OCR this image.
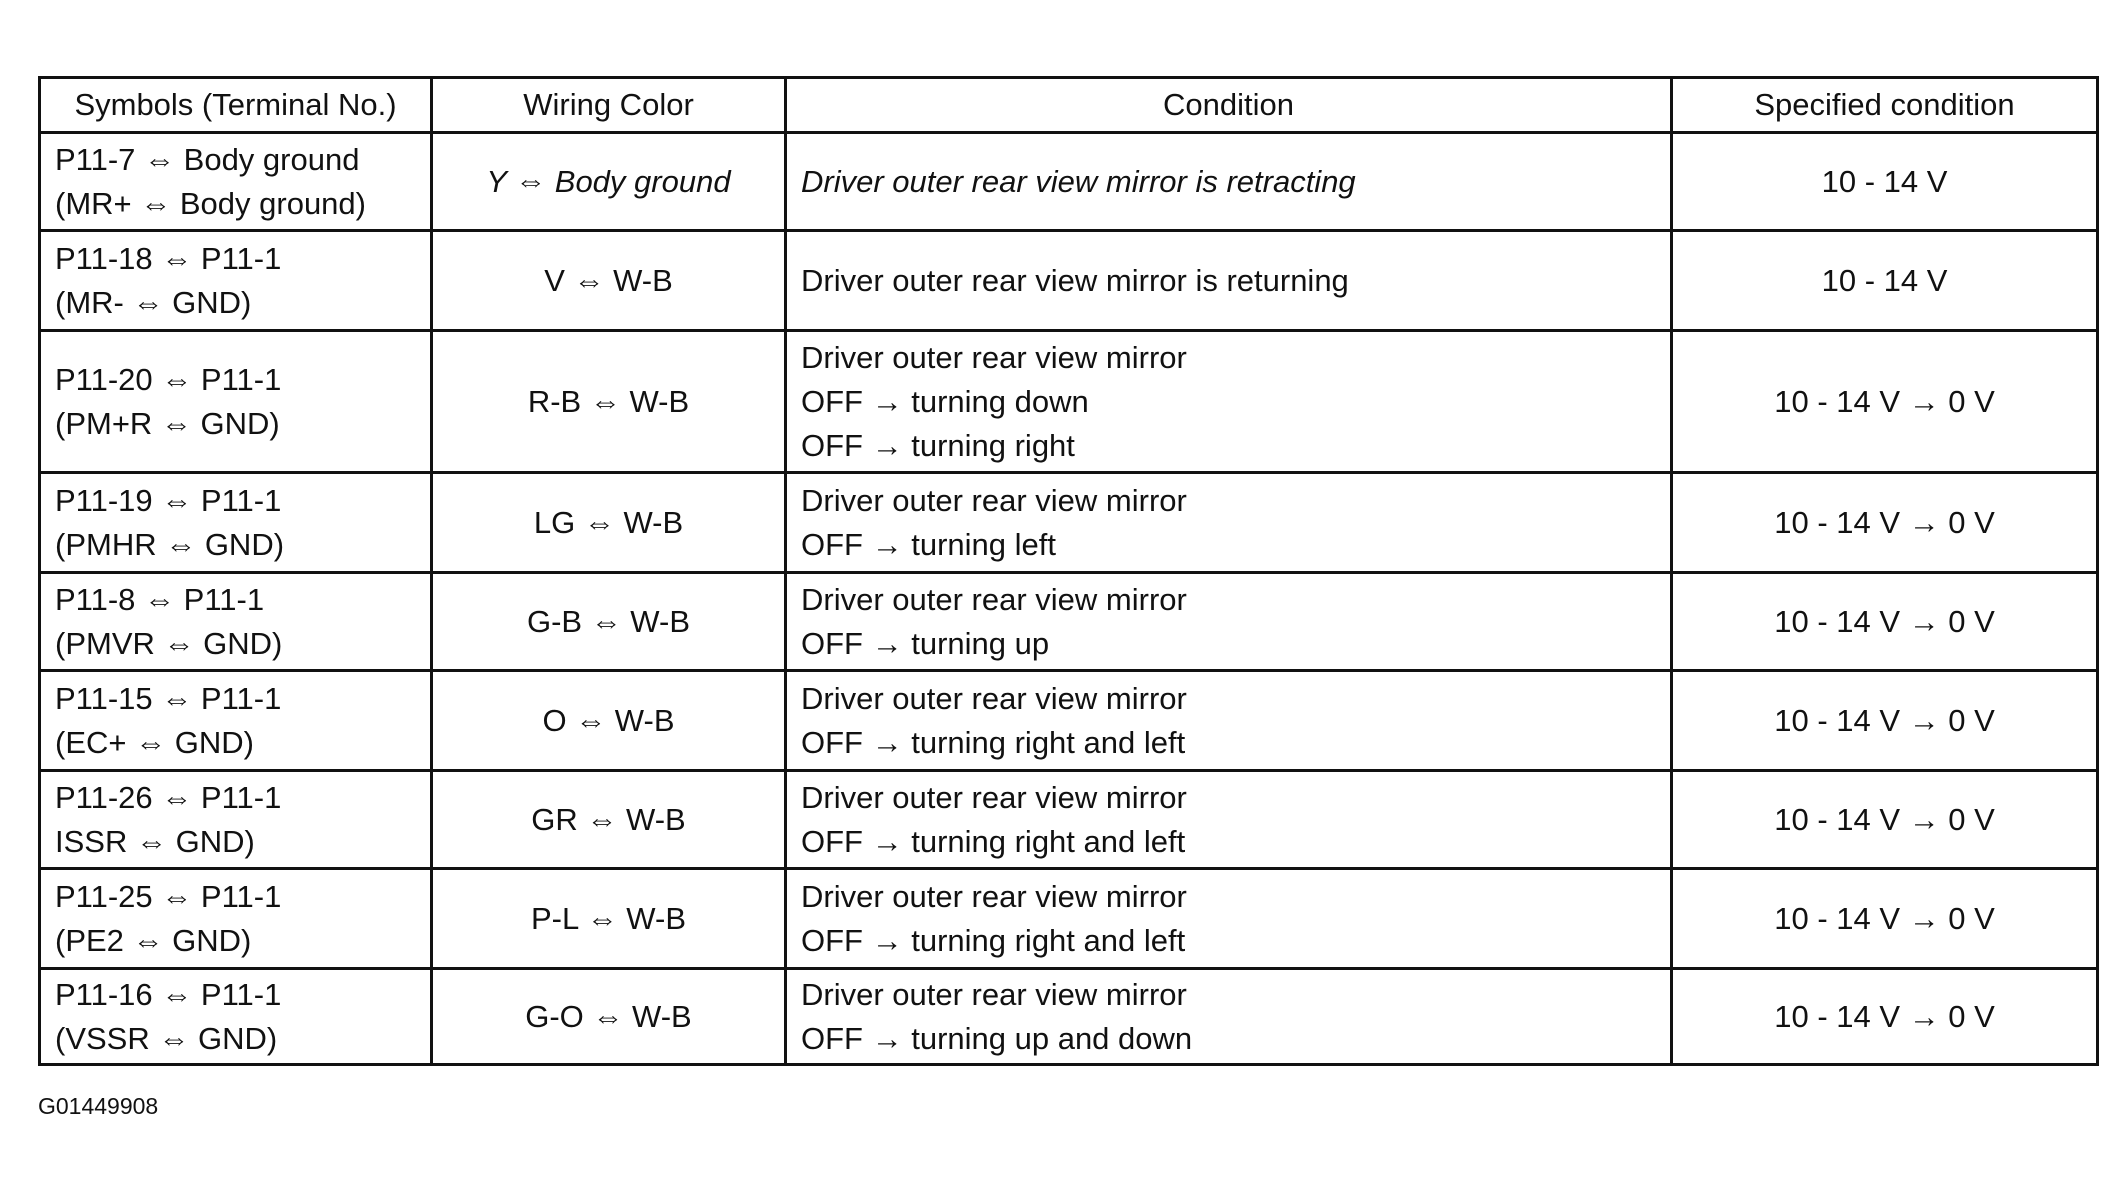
Symbols (Terminal No.)	Wiring Color	Condition	Specified condition

P11-7 ⇔ Body ground
(MR+ ⇔ Body ground)	Y ⇔ Body ground	Driver outer rear view mirror is retracting	10 - 14 V

P11-18 ⇔ P11-1
(MR- ⇔ GND)	V ⇔ W-B	Driver outer rear view mirror is returning	10 - 14 V

P11-20 ⇔ P11-1
(PM+R ⇔ GND)	R-B ⇔ W-B	Driver outer rear view mirror
OFF → turning down
OFF → turning right	10 - 14 V → 0 V

P11-19 ⇔ P11-1
(PMHR ⇔ GND)	LG ⇔ W-B	Driver outer rear view mirror
OFF → turning left	10 - 14 V → 0 V

P11-8 ⇔ P11-1
(PMVR ⇔ GND)	G-B ⇔ W-B	Driver outer rear view mirror
OFF → turning up	10 - 14 V → 0 V

P11-15 ⇔ P11-1
(EC+ ⇔ GND)	O ⇔ W-B	Driver outer rear view mirror
OFF → turning right and left	10 - 14 V → 0 V

P11-26 ⇔ P11-1
ISSR ⇔ GND)	GR ⇔ W-B	Driver outer rear view mirror
OFF → turning right and left	10 - 14 V → 0 V

P11-25 ⇔ P11-1
(PE2 ⇔ GND)	P-L ⇔ W-B	Driver outer rear view mirror
OFF → turning right and left	10 - 14 V → 0 V

P11-16 ⇔ P11-1
(VSSR ⇔ GND)	G-O ⇔ W-B	Driver outer rear view mirror
OFF → turning up and down	10 - 14 V → 0 V
G01449908
